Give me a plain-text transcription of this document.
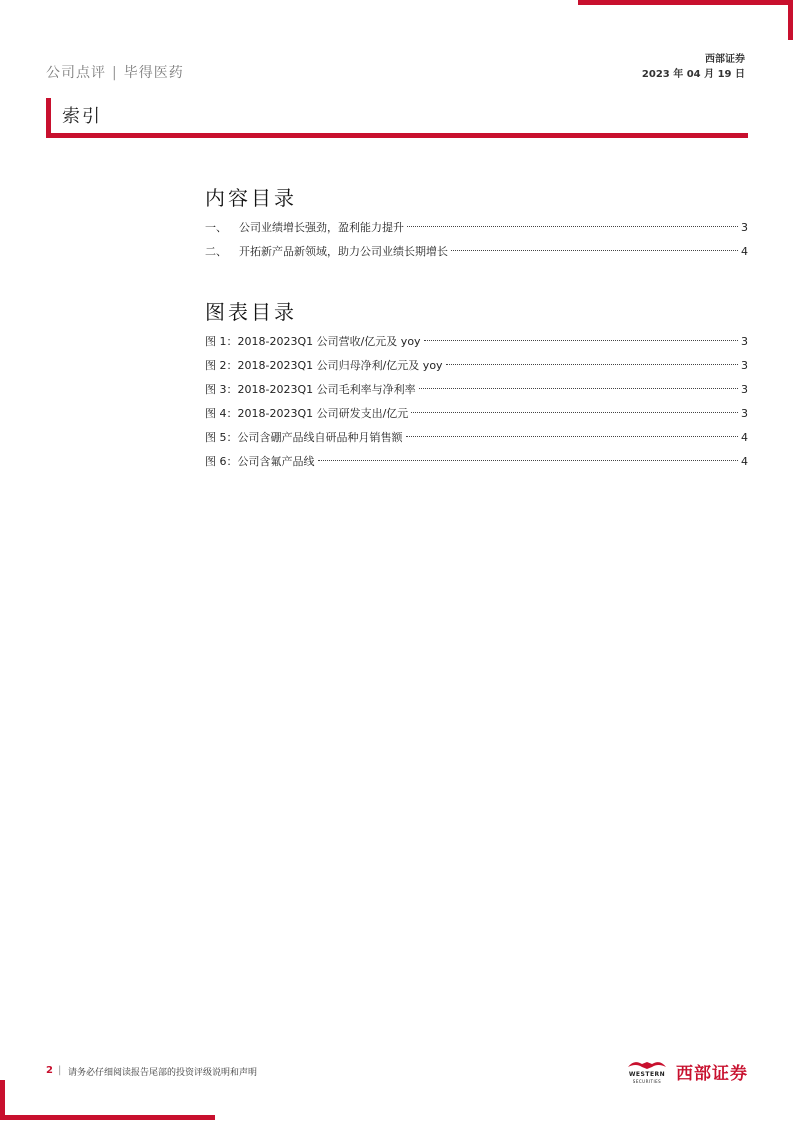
公司点评 | 毕得医药
西部证券
2023 年 04 月 19 日
索引
内容目录
一、 公司业绩增长强劲，盈利能力提升	3
二、 开拓新产品新领域，助力公司业绩长期增长	4
图表目录
图 1：2018-2023Q1 公司营收/亿元及 yoy	3
图 2：2018-2023Q1 公司归母净利/亿元及 yoy	3
图 3：2018-2023Q1 公司毛利率与净利率	3
图 4：2018-2023Q1 公司研发支出/亿元	3
图 5：公司含硼产品线自研品种月销售额	4
图 6：公司含氟产品线	4
2 | 请务必仔细阅读报告尾部的投资评级说明和声明	WESTERN
SECURITIES 西部证券
